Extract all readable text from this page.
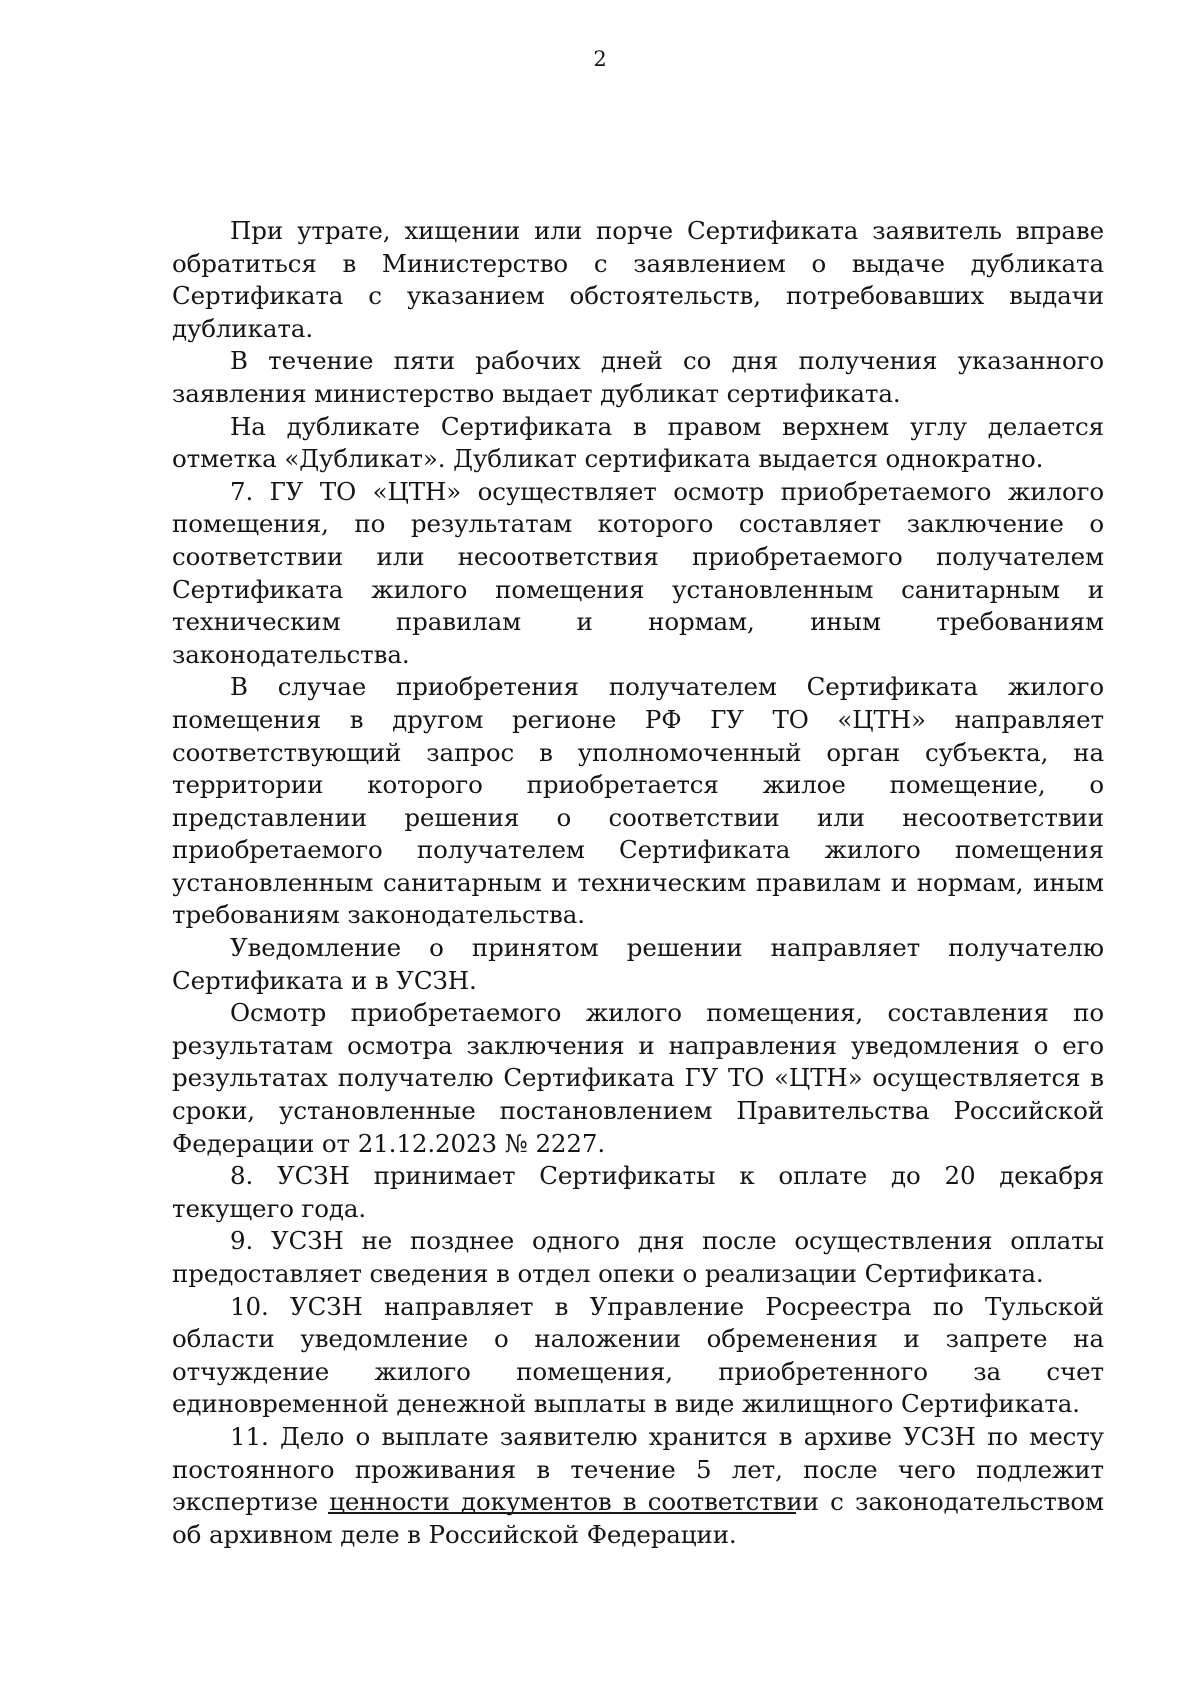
2

При утрате, хищении или порче Сертификата заявитель вправе обратиться в Министерство с заявлением о выдаче дубликата Сертификата с указанием обстоятельств, потребовавших выдачи дубликата.

В течение пяти рабочих дней со дня получения указанного заявления министерство выдает дубликат сертификата.

На дубликате Сертификата в правом верхнем углу делается отметка «Дубликат». Дубликат сертификата выдается однократно.

7. ГУ ТО «ЦТН» осуществляет осмотр приобретаемого жилого помещения, по результатам которого составляет заключение о соответствии или несоответствия приобретаемого получателем Сертификата жилого помещения установленным санитарным и техническим правилам и нормам, иным требованиям законодательства.

В случае приобретения получателем Сертификата жилого помещения в другом регионе РФ ГУ ТО «ЦТН» направляет соответствующий запрос в уполномоченный орган субъекта, на территории которого приобретается жилое помещение, о представлении решения о соответствии или несоответствии приобретаемого получателем Сертификата жилого помещения установленным санитарным и техническим правилам и нормам, иным требованиям законодательства.

Уведомление о принятом решении направляет получателю Сертификата и в УСЗН.

Осмотр приобретаемого жилого помещения, составления по результатам осмотра заключения и направления уведомления о его результатах получателю Сертификата ГУ ТО «ЦТН» осуществляется в сроки, установленные постановлением Правительства Российской Федерации от 21.12.2023 № 2227.

8. УСЗН принимает Сертификаты к оплате до 20 декабря текущего года.

9. УСЗН не позднее одного дня после осуществления оплаты предоставляет сведения в отдел опеки о реализации Сертификата.

10. УСЗН направляет в Управление Росреестра по Тульской области уведомление о наложении обременения и запрете на отчуждение жилого помещения, приобретенного за счет единовременной денежной выплаты в виде жилищного Сертификата.

11. Дело о выплате заявителю хранится в архиве УСЗН по месту постоянного проживания в течение 5 лет, после чего подлежит экспертизе ценности документов в соответствии с законодательством об архивном деле в Российской Федерации.
